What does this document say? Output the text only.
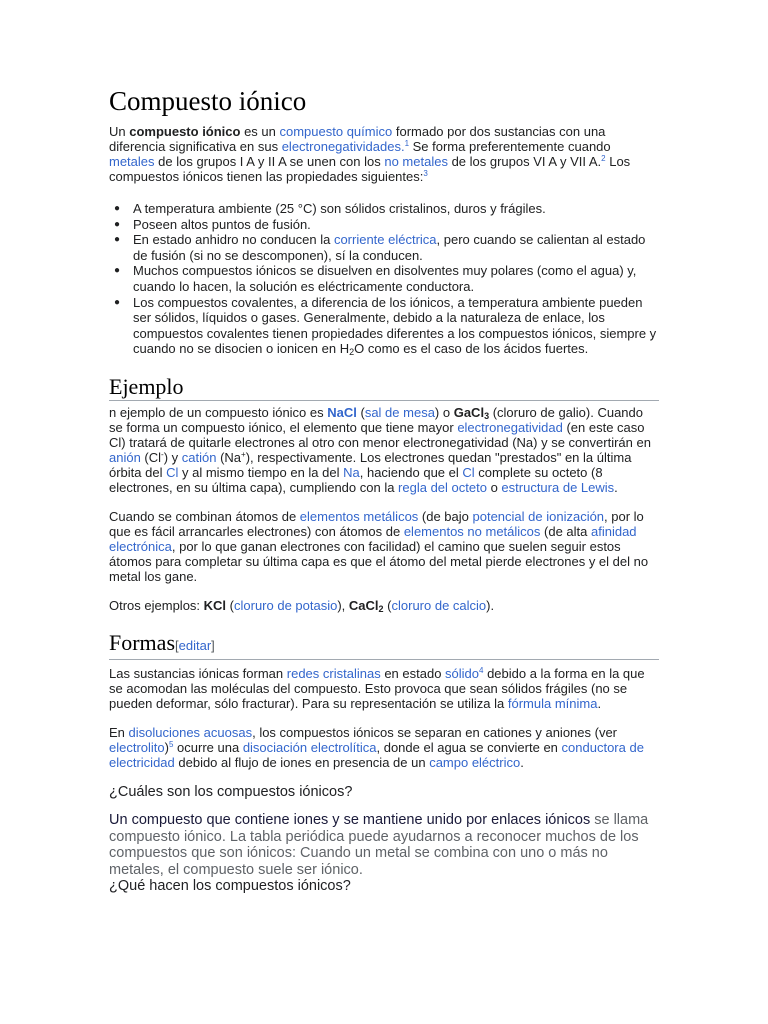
Compuesto iónico

Un compuesto iónico es un compuesto químico formado por dos sustancias con una diferencia significativa en sus electronegatividades.$^1$ Se forma preferentemente cuando metales de los grupos I A y II A se unen con los no metales de los grupos VI A y VII A.$^2$ Los compuestos iónicos tienen las propiedades siguientes:$^3$

● A temperatura ambiente (25 °C) son sólidos cristalinos, duros y frágiles.
● Poseen altos puntos de fusión.
● En estado anhidro no conducen la corriente eléctrica, pero cuando se calientan al estado de fusión (si no se descomponen), sí la conducen.
● Muchos compuestos iónicos se disuelven en disolventes muy polares (como el agua) y, cuando lo hacen, la solución es eléctricamente conductora.
● Los compuestos covalentes, a diferencia de los iónicos, a temperatura ambiente pueden ser sólidos, líquidos o gases. Generalmente, debido a la naturaleza de enlace, los compuestos covalentes tienen propiedades diferentes a los compuestos iónicos, siempre y cuando no se disocien o ionicen en $H_2O$ como es el caso de los ácidos fuertes.
Ejemplo

n ejemplo de un compuesto iónico es NaCl (sal de mesa) o GaCl$_3$ (cloruro de galio). Cuando se forma un compuesto iónico, el elemento que tiene mayor electronegatividad (en este caso Cl) tratará de quitarle electrones al otro con menor electronegatividad (Na) y se convertirán en anión (Cl-) y catión (Na+), respectivamente. Los electrones quedan "prestados" en la última órbita del Cl y al mismo tiempo en la del Na, haciendo que el Cl complete su octeto (8 electrones, en su última capa), cumpliendo con la regla del octeto o estructura de Lewis.

Cuando se combinan átomos de elementos metálicos (de bajo potencial de ionización, por lo que es fácil arrancarles electrones) con átomos de elementos no metálicos (de alta afinidad electrónica, por lo que ganan electrones con facilidad) el camino que suelen seguir estos átomos para completar su última capa es que el átomo del metal pierde electrones y el del no metal los gane.

Otros ejemplos: KCl (cloruro de potasio), CaCl$_2$ (cloruro de calcio).

Formas[editar]

Las sustancias iónicas forman redes cristalinas en estado sólido$^4$ debido a la forma en la que se acomodan las moléculas del compuesto. Esto provoca que sean sólidos frágiles (no se pueden deformar, sólo fracturar). Para su representación se utiliza la fórmula mínima.

En disoluciones acuosas, los compuestos iónicos se separan en cationes y aniones (ver electrolito)$^5$ ocurre una disociación electrolítica, donde el agua se convierte en conductora de electricidad debido al flujo de iones en presencia de un campo eléctrico.

¿Cuáles son los compuestos iónicos?

Un compuesto que contiene iones y se mantiene unido por enlaces iónicos se llama compuesto iónico. La tabla periódica puede ayudarnos a reconocer muchos de los compuestos que son iónicos: Cuando un metal se combina con uno o más no metales, el compuesto suele ser iónico.

¿Qué hacen los compuestos iónicos?
